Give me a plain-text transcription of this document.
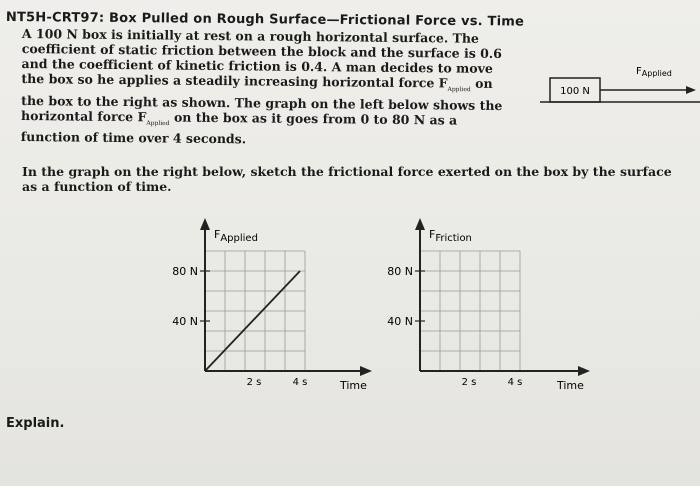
NT5H-CRT97: Box Pulled on Rough Surface—Frictional Force vs. Time
A 100 N box is initially at rest on a rough horizontal surface. The coefficient of static friction between the block and the surface is 0.6 and the coefficient of kinetic friction is 0.4. A man decides to move the box so he applies a steadily increasing horizontal force $F_{Applied}$ on the box to the right as shown. The graph on the left below shows the horizontal force $F_{Applied}$ on the box as it goes from 0 to 80 N as a function of time over 4 seconds.
100 N
$F_{Applied}$
In the graph on the right below, sketch the frictional force exerted on the box by the surface as a function of time.
FApplied
80 N
40 N
2 s	4 s	Time
FFriction
80 N
40 N
2 s	4 s	Time
Explain.
